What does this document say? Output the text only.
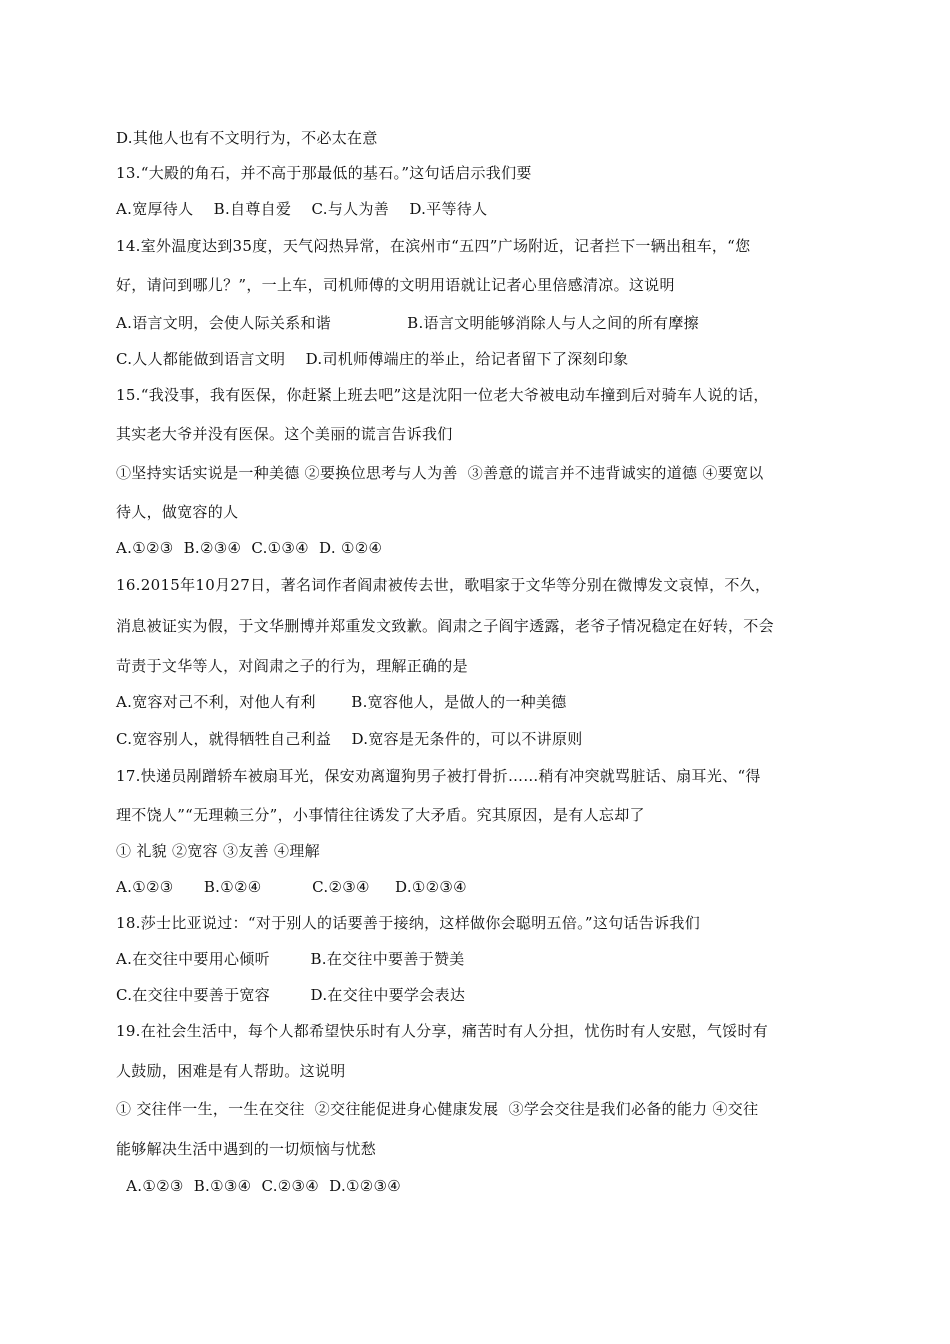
D.其他人也有不文明行为，不必太在意
13.“大殿的角石，并不高于那最低的基石。”这句话启示我们要
A.宽厚待人    B.自尊自爱    C.与人为善    D.平等待人
14.室外温度达到35度，天气闷热异常，在滨州市“五四”广场附近，记者拦下一辆出租车，“您
好，请问到哪儿？”，一上车，司机师傅的文明用语就让记者心里倍感清凉。这说明
A.语言文明，会使人际关系和谐               B.语言文明能够消除人与人之间的所有摩擦
C.人人都能做到语言文明    D.司机师傅端庄的举止，给记者留下了深刻印象
15.“我没事，我有医保，你赶紧上班去吧”这是沈阳一位老大爷被电动车撞到后对骑车人说的话，
其实老大爷并没有医保。这个美丽的谎言告诉我们
①坚持实话实说是一种美德 ②要换位思考与人为善  ③善意的谎言并不违背诚实的道德 ④要宽以
待人，做宽容的人
A.①②③  B.②③④  C.①③④  D. ①②④
16.2015年10月27日，著名词作者阎肃被传去世，歌唱家于文华等分别在微博发文哀悼，不久，
消息被证实为假，于文华删博并郑重发文致歉。阎肃之子阎宇透露，老爷子情况稳定在好转，不会
苛责于文华等人，对阎肃之子的行为，理解正确的是
A.宽容对己不利，对他人有利       B.宽容他人，是做人的一种美德
C.宽容别人，就得牺牲自己利益    D.宽容是无条件的，可以不讲原则
17.快递员剐蹭轿车被扇耳光，保安劝离遛狗男子被打骨折……稍有冲突就骂脏话、扇耳光、“得
理不饶人”“无理赖三分”，小事情往往诱发了大矛盾。究其原因，是有人忘却了
① 礼貌 ②宽容 ③友善 ④理解
A.①②③      B.①②④          C.②③④     D.①②③④
18.莎士比亚说过：“对于别人的话要善于接纳，这样做你会聪明五倍。”这句话告诉我们
A.在交往中要用心倾听        B.在交往中要善于赞美
C.在交往中要善于宽容        D.在交往中要学会表达
19.在社会生活中，每个人都希望快乐时有人分享，痛苦时有人分担，忧伤时有人安慰，气馁时有
人鼓励，困难是有人帮助。这说明
① 交往伴一生，一生在交往  ②交往能促进身心健康发展  ③学会交往是我们必备的能力 ④交往
能够解决生活中遇到的一切烦恼与忧愁
A.①②③  B.①③④  C.②③④  D.①②③④
